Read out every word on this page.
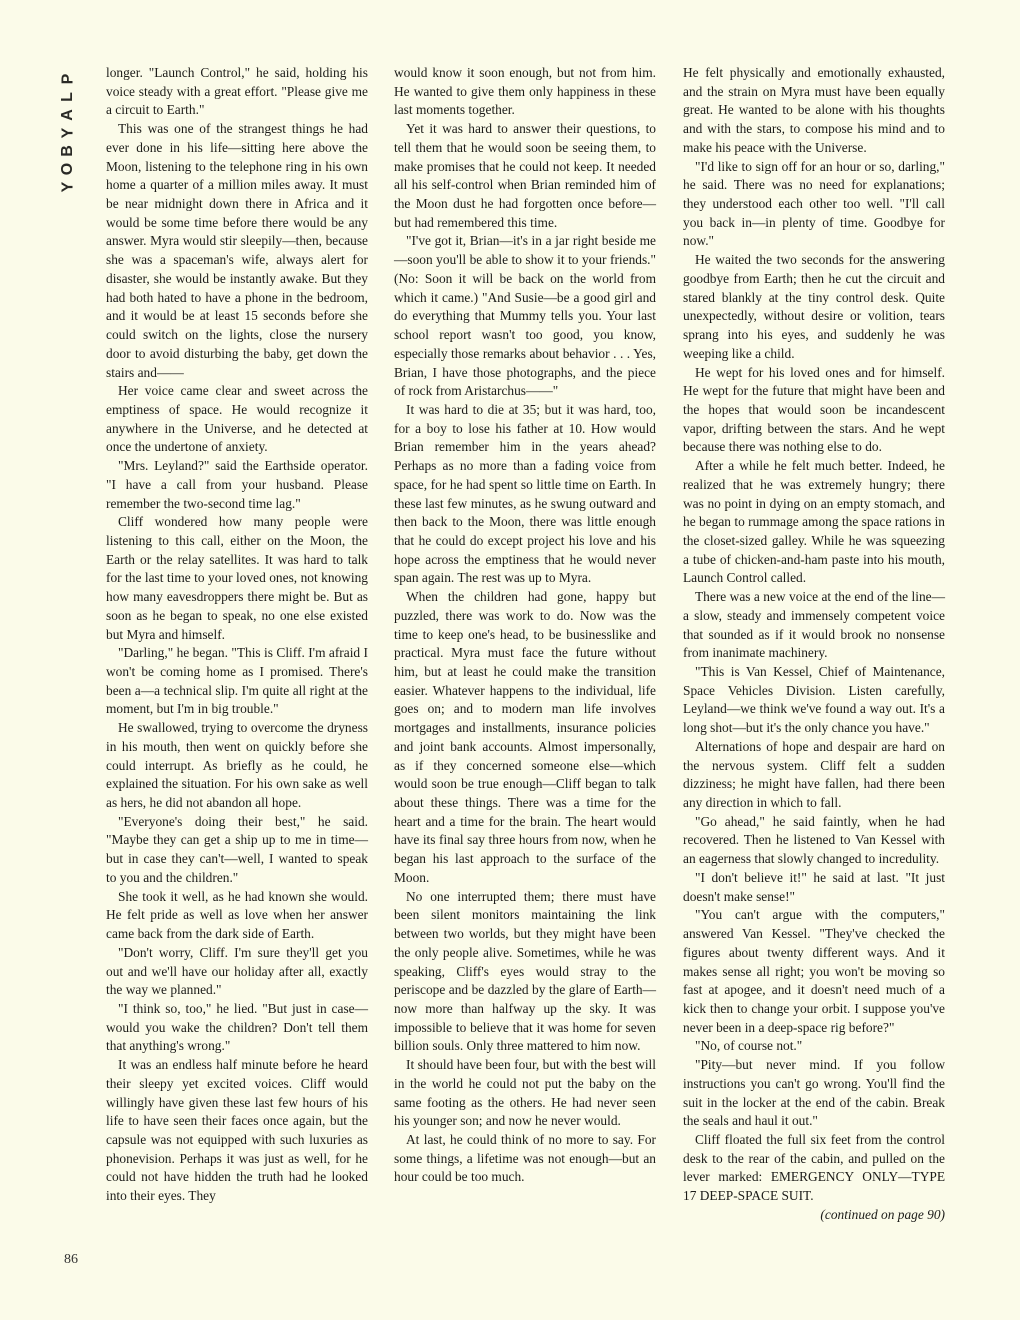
P
L
A
Y
B
O
Y

longer. "Launch Control," he said, holding his voice steady with a great effort. "Please give me a circuit to Earth."

This was one of the strangest things he had ever done in his life—sitting here above the Moon, listening to the telephone ring in his own home a quarter of a million miles away. It must be near midnight down there in Africa and it would be some time before there would be any answer. Myra would stir sleepily—then, because she was a spaceman's wife, always alert for disaster, she would be instantly awake. But they had both hated to have a phone in the bedroom, and it would be at least 15 seconds before she could switch on the lights, close the nursery door to avoid disturbing the baby, get down the stairs and——

Her voice came clear and sweet across the emptiness of space. He would recognize it anywhere in the Universe, and he detected at once the undertone of anxiety.

"Mrs. Leyland?" said the Earthside operator. "I have a call from your husband. Please remember the two-second time lag."

Cliff wondered how many people were listening to this call, either on the Moon, the Earth or the relay satellites. It was hard to talk for the last time to your loved ones, not knowing how many eavesdroppers there might be. But as soon as he began to speak, no one else existed but Myra and himself.

"Darling," he began. "This is Cliff. I'm afraid I won't be coming home as I promised. There's been a—a technical slip. I'm quite all right at the moment, but I'm in big trouble."

He swallowed, trying to overcome the dryness in his mouth, then went on quickly before she could interrupt. As briefly as he could, he explained the situation. For his own sake as well as hers, he did not abandon all hope.

"Everyone's doing their best," he said. "Maybe they can get a ship up to me in time—but in case they can't—well, I wanted to speak to you and the children."

She took it well, as he had known she would. He felt pride as well as love when her answer came back from the dark side of Earth.

"Don't worry, Cliff. I'm sure they'll get you out and we'll have our holiday after all, exactly the way we planned."

"I think so, too," he lied. "But just in case—would you wake the children? Don't tell them that anything's wrong."

It was an endless half minute before he heard their sleepy yet excited voices. Cliff would willingly have given these last few hours of his life to have seen their faces once again, but the capsule was not equipped with such luxuries as phonevision. Perhaps it was just as well, for he could not have hidden the truth had he looked into their eyes. They

would know it soon enough, but not from him. He wanted to give them only happiness in these last moments together.

Yet it was hard to answer their questions, to tell them that he would soon be seeing them, to make promises that he could not keep. It needed all his self-control when Brian reminded him of the Moon dust he had forgotten once before—but had remembered this time.

"I've got it, Brian—it's in a jar right beside me—soon you'll be able to show it to your friends." (No: Soon it will be back on the world from which it came.) "And Susie—be a good girl and do everything that Mummy tells you. Your last school report wasn't too good, you know, especially those remarks about behavior . . . Yes, Brian, I have those photographs, and the piece of rock from Aristarchus——"

It was hard to die at 35; but it was hard, too, for a boy to lose his father at 10. How would Brian remember him in the years ahead? Perhaps as no more than a fading voice from space, for he had spent so little time on Earth. In these last few minutes, as he swung outward and then back to the Moon, there was little enough that he could do except project his love and his hope across the emptiness that he would never span again. The rest was up to Myra.

When the children had gone, happy but puzzled, there was work to do. Now was the time to keep one's head, to be businesslike and practical. Myra must face the future without him, but at least he could make the transition easier. Whatever happens to the individual, life goes on; and to modern man life involves mortgages and installments, insurance policies and joint bank accounts. Almost impersonally, as if they concerned someone else—which would soon be true enough—Cliff began to talk about these things. There was a time for the heart and a time for the brain. The heart would have its final say three hours from now, when he began his last approach to the surface of the Moon.

No one interrupted them; there must have been silent monitors maintaining the link between two worlds, but they might have been the only people alive. Sometimes, while he was speaking, Cliff's eyes would stray to the periscope and be dazzled by the glare of Earth—now more than halfway up the sky. It was impossible to believe that it was home for seven billion souls. Only three mattered to him now.

It should have been four, but with the best will in the world he could not put the baby on the same footing as the others. He had never seen his younger son; and now he never would.

At last, he could think of no more to say. For some things, a lifetime was not enough—but an hour could be too much.

He felt physically and emotionally exhausted, and the strain on Myra must have been equally great. He wanted to be alone with his thoughts and with the stars, to compose his mind and to make his peace with the Universe.

"I'd like to sign off for an hour or so, darling," he said. There was no need for explanations; they understood each other too well. "I'll call you back in—in plenty of time. Goodbye for now."

He waited the two seconds for the answering goodbye from Earth; then he cut the circuit and stared blankly at the tiny control desk. Quite unexpectedly, without desire or volition, tears sprang into his eyes, and suddenly he was weeping like a child.

He wept for his loved ones and for himself. He wept for the future that might have been and the hopes that would soon be incandescent vapor, drifting between the stars. And he wept because there was nothing else to do.

After a while he felt much better. Indeed, he realized that he was extremely hungry; there was no point in dying on an empty stomach, and he began to rummage among the space rations in the closet-sized galley. While he was squeezing a tube of chicken-and-ham paste into his mouth, Launch Control called.

There was a new voice at the end of the line—a slow, steady and immensely competent voice that sounded as if it would brook no nonsense from inanimate machinery.

"This is Van Kessel, Chief of Maintenance, Space Vehicles Division. Listen carefully, Leyland—we think we've found a way out. It's a long shot—but it's the only chance you have."

Alternations of hope and despair are hard on the nervous system. Cliff felt a sudden dizziness; he might have fallen, had there been any direction in which to fall.

"Go ahead," he said faintly, when he had recovered. Then he listened to Van Kessel with an eagerness that slowly changed to incredulity.

"I don't believe it!" he said at last. "It just doesn't make sense!"

"You can't argue with the computers," answered Van Kessel. "They've checked the figures about twenty different ways. And it makes sense all right; you won't be moving so fast at apogee, and it doesn't need much of a kick then to change your orbit. I suppose you've never been in a deep-space rig before?"

"No, of course not."

"Pity—but never mind. If you follow instructions you can't go wrong. You'll find the suit in the locker at the end of the cabin. Break the seals and haul it out."

Cliff floated the full six feet from the control desk to the rear of the cabin, and pulled on the lever marked: EMERGENCY ONLY—TYPE 17 DEEP-SPACE SUIT.

(continued on page 90)

86
